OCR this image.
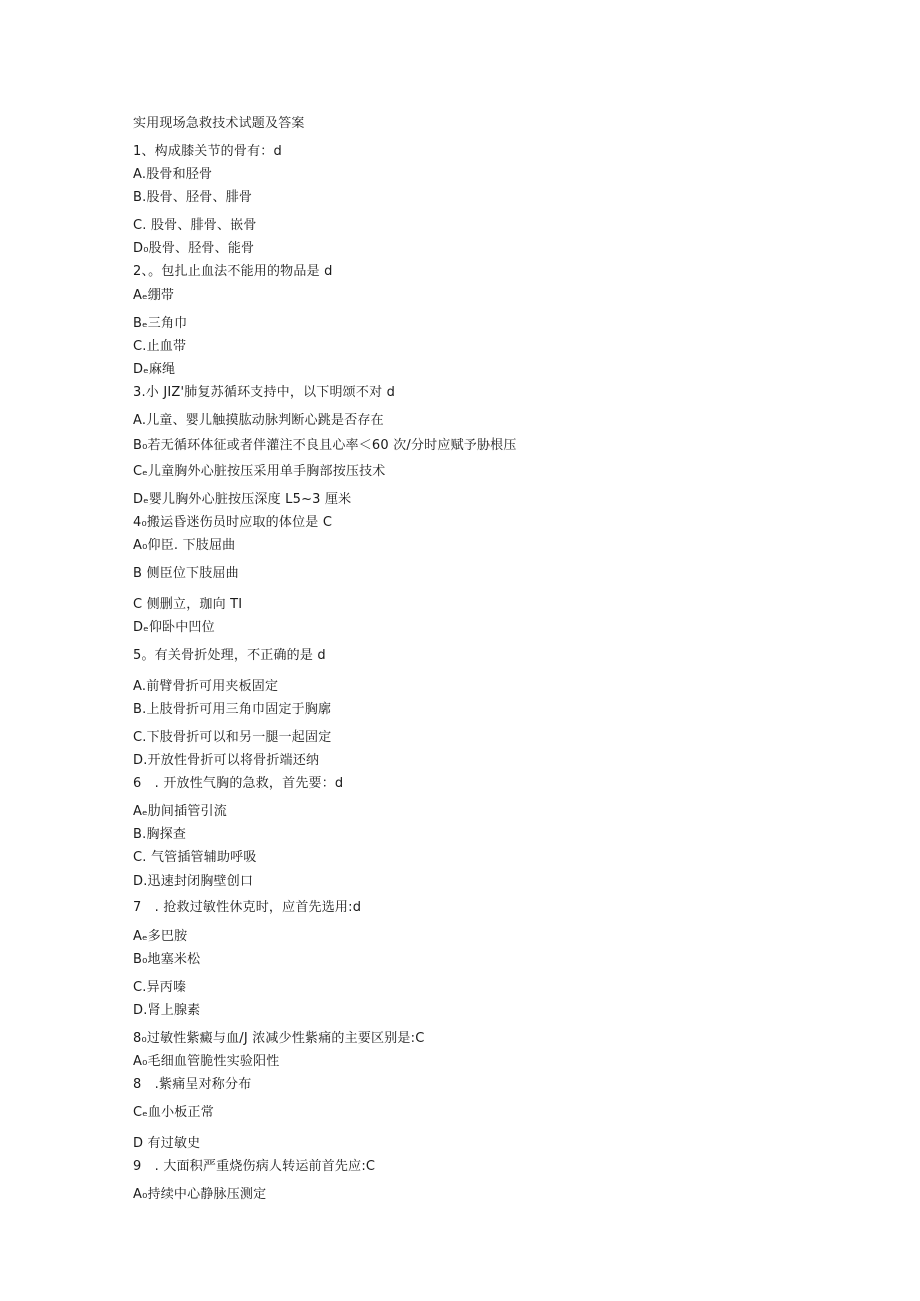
实用现场急救技术试题及答案
1、构成膝关节的骨有：d
A.股骨和胫骨
B.股骨、胫骨、腓骨
C. 股骨、腓骨、嵌骨
D₀股骨、胫骨、能骨
2、。包扎止血法不能用的物品是 d
Aₑ绷带
Bₑ三角巾
C.止血带
Dₑ麻绳
3.小 JIZ'肺复苏循环支持中，以下明颂不对 d
A.儿童、婴儿触摸肱动脉判断心跳是否存在
B₀若无循环体征或者伴灌注不良且心率＜60 次/分时应赋予胁根压
Cₑ儿童胸外心脏按压采用单手胸部按压技术
Dₑ婴儿胸外心脏按压深度 L5~3 厘米
4₀搬运昏迷伤员时应取的体位是 C
A₀仰臣. 下肢屈曲
B 侧臣位下肢屈曲
C 侧删立，珈向 TI
Dₑ仰卧中凹位
5。有关骨折处理，不正确的是 d
A.前臂骨折可用夹板固定
B.上肢骨折可用三角巾固定于胸廓
C.下肢骨折可以和另一腿一起固定
D.开放性骨折可以将骨折端还纳
6　. 开放性气胸的急救，首先要：d
Aₑ肋间插管引流
B.胸探查
C. 气管插管辅助呼吸
D.迅速封闭胸壁创口
7　. 抢救过敏性休克时，应首先选用:d
Aₑ多巴胺
B₀地塞米松
C.异丙嗪
D.肾上腺素
8₀过敏性紫癜与血/J 浓减少性紫痛的主要区别是:C
A₀毛细血管脆性实验阳性
8　.紫痛呈对称分布
Cₑ血小板正常
D 有过敏史
9　. 大面积严重烧伤病人转运前首先应:C
A₀持续中心静脉压测定
